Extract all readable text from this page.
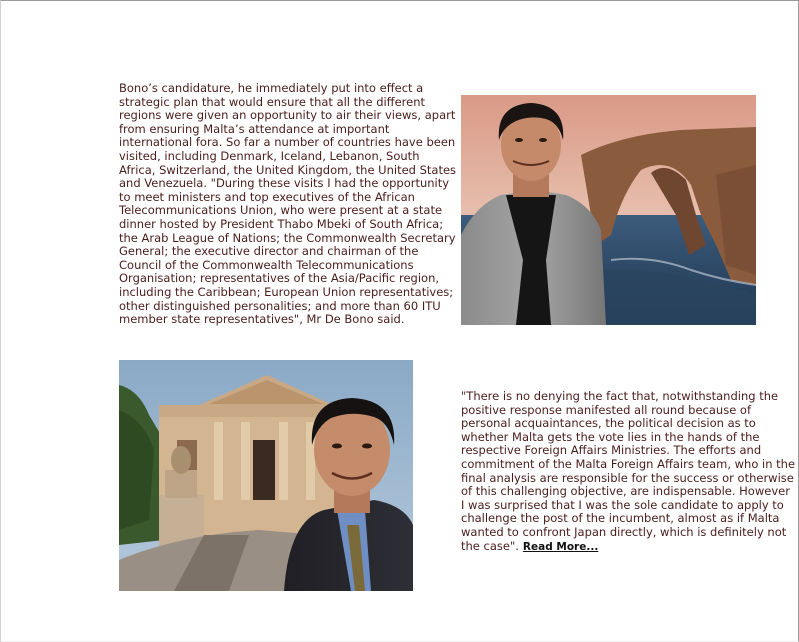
Bono’s candidature, he immediately put into effect a strategic plan that would ensure that all the different regions were given an opportunity to air their views, apart from ensuring Malta’s attendance at important international fora. So far a number of countries have been visited, including Denmark, Iceland, Lebanon, South Africa, Switzerland, the United Kingdom, the United States and Venezuela. "During these visits I had the opportunity to meet ministers and top executives of the African Telecommunications Union, who were present at a state dinner hosted by President Thabo Mbeki of South Africa; the Arab League of Nations; the Commonwealth Secretary General; the executive director and chairman of the Council of the Commonwealth Telecommunications Organisation; representatives of the Asia/Pacific region, including the Caribbean; European Union representatives; other distinguished personalities; and more than 60 ITU member state representatives", Mr De Bono said.

"There is no denying the fact that, notwithstanding the positive response manifested all round because of personal acquaintances, the political decision as to whether Malta gets the vote lies in the hands of the respective Foreign Affairs Ministries. The efforts and commitment of the Malta Foreign Affairs team, who in the final analysis are responsible for the success or otherwise of this challenging objective, are indispensable. However I was surprised that I was the sole candidate to apply to challenge the post of the incumbent, almost as if Malta wanted to confront Japan directly, which is definitely not the case". Read More...
